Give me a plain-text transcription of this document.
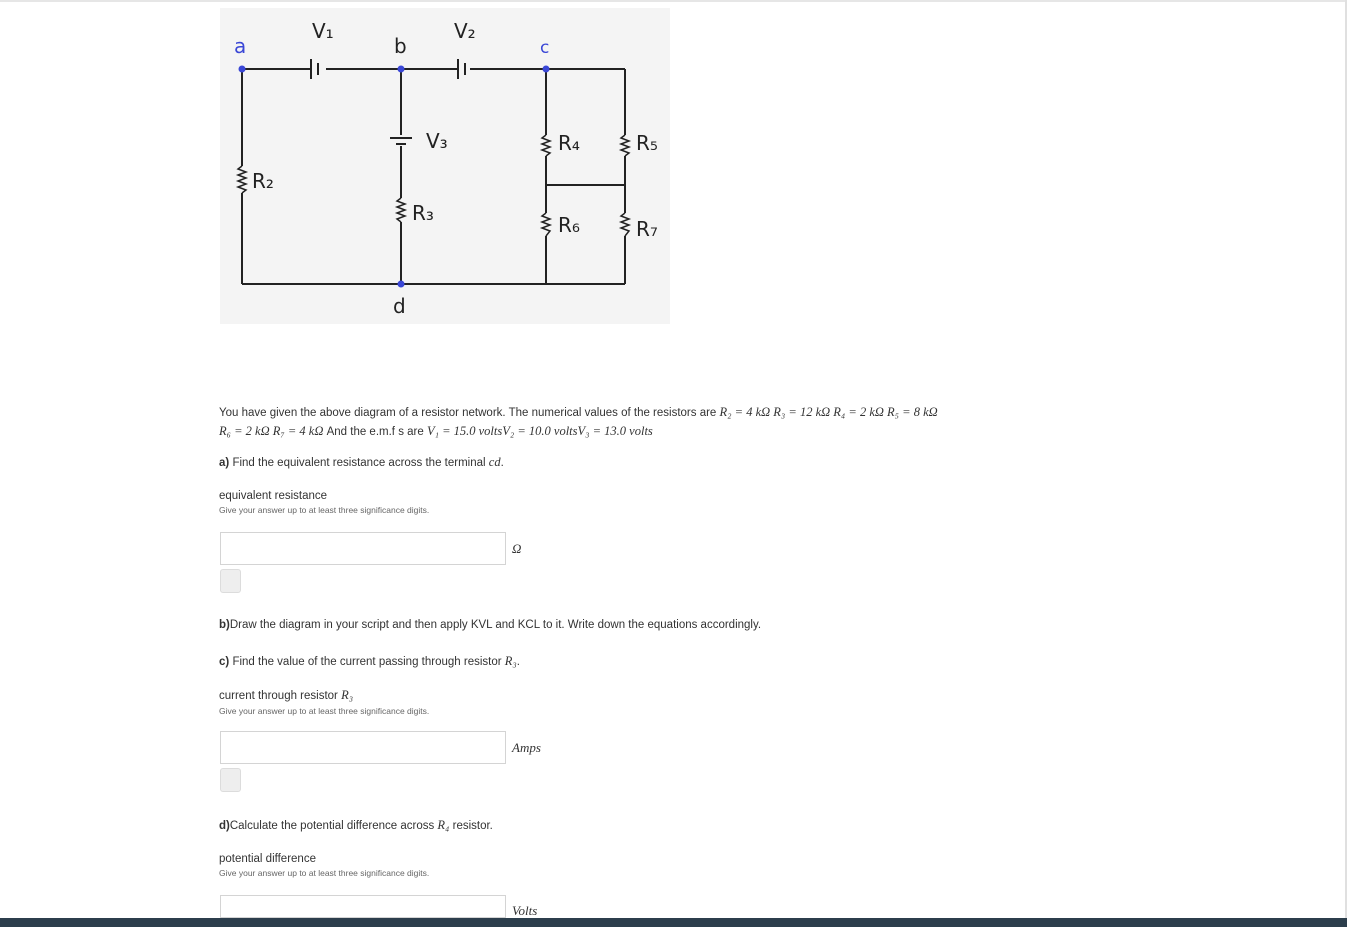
a	b	c
d
V₁	V₂
V₃
R₂
R₃
R₄	R₅
R₆	R₇
You have given the above diagram of a resistor network. The numerical values of the resistors are R₂ = 4 kΩ R₃ = 12 kΩ R₄ = 2 kΩ R₅ = 8 kΩ
R₆ = 2 kΩ R₇ = 4 kΩ And the e.m.f s are V₁ = 15.0 voltsV₂ = 10.0 voltsV₃ = 13.0 volts
a) Find the equivalent resistance across the terminal cd.
equivalent resistance
Give your answer up to at least three significance digits.
Ω
b)Draw the diagram in your script and then apply KVL and KCL to it. Write down the equations accordingly.
c) Find the value of the current passing through resistor R₃.
current through resistor R₃
Give your answer up to at least three significance digits.
Amps
d)Calculate the potential difference across R₄ resistor.
potential difference
Give your answer up to at least three significance digits.
Volts
